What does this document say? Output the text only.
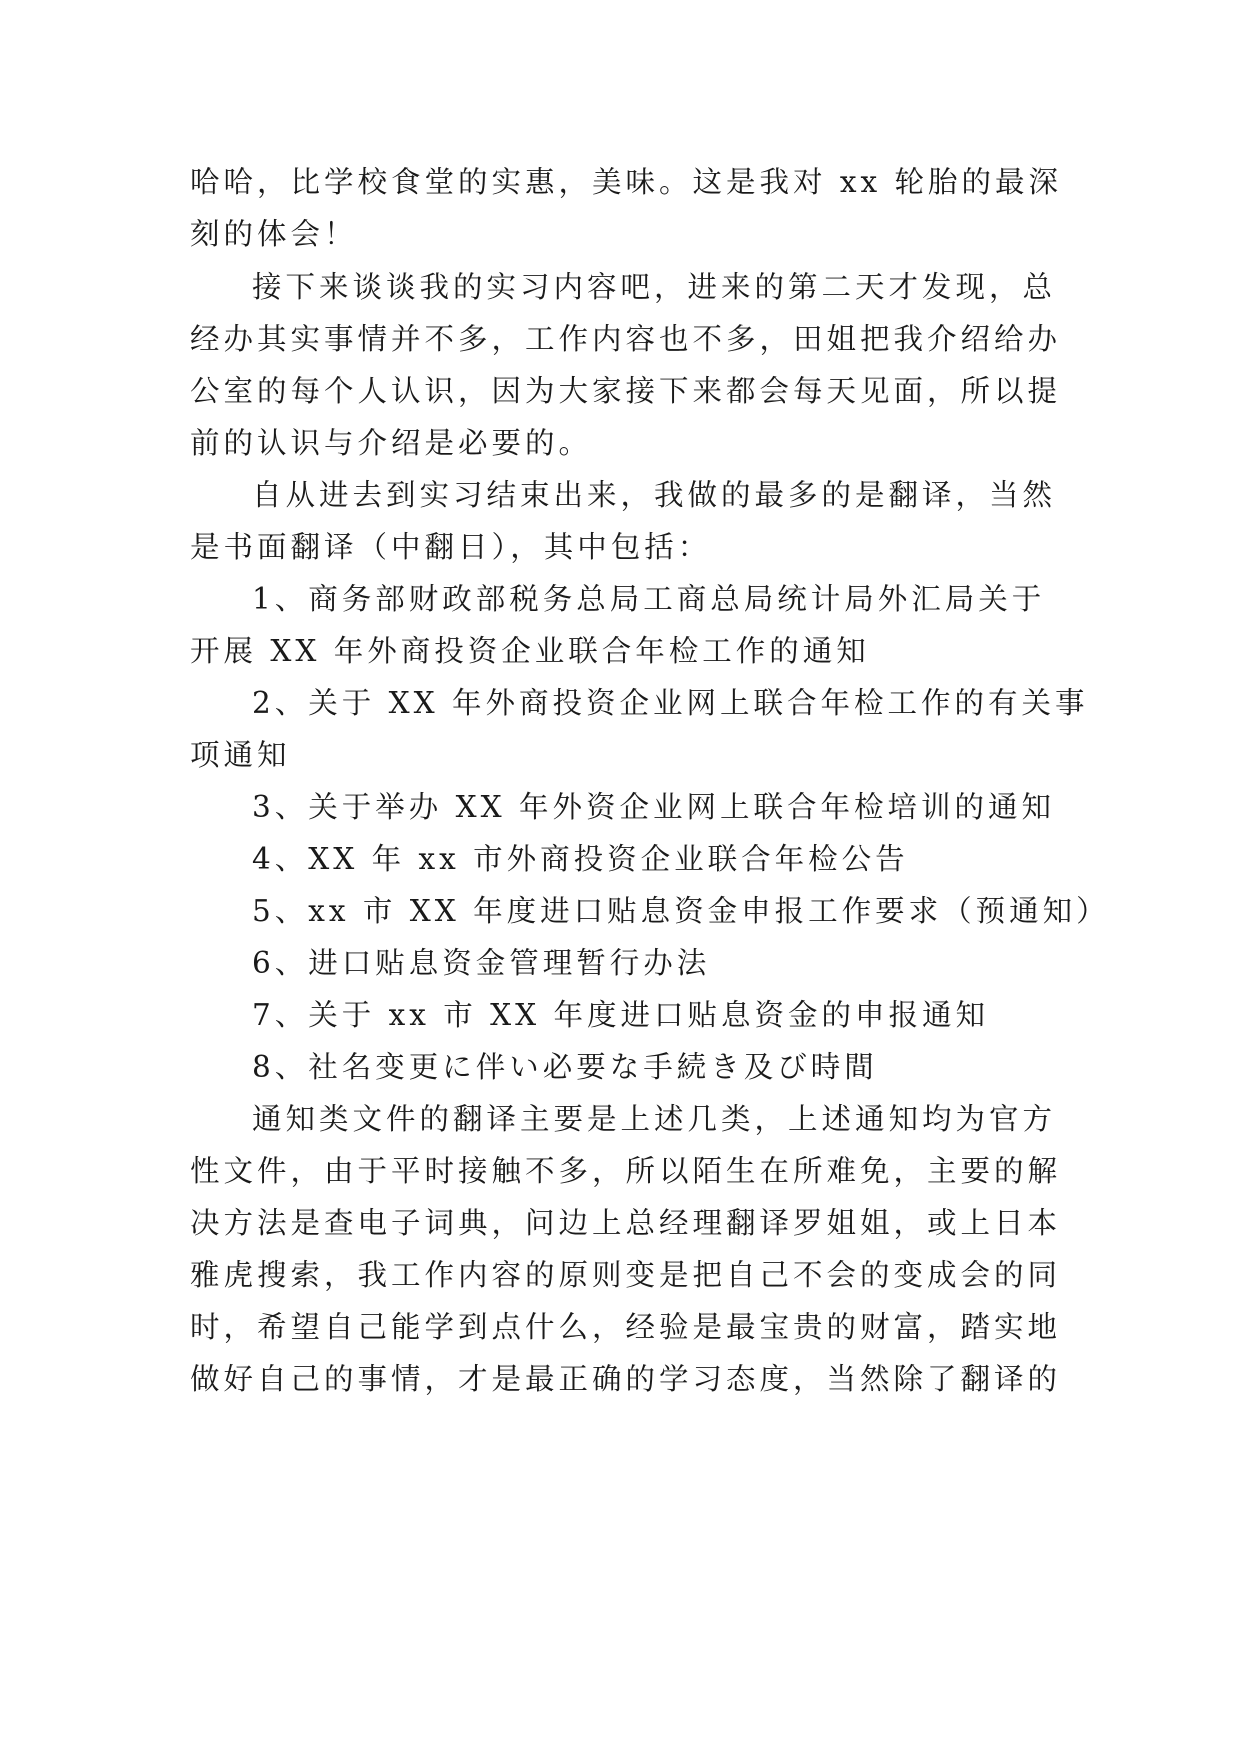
哈哈，比学校食堂的实惠，美味。这是我对 xx 轮胎的最深
刻的体会！
接下来谈谈我的实习内容吧，进来的第二天才发现，总
经办其实事情并不多，工作内容也不多，田姐把我介绍给办
公室的每个人认识，因为大家接下来都会每天见面，所以提
前的认识与介绍是必要的。
自从进去到实习结束出来，我做的最多的是翻译，当然
是书面翻译（中翻日），其中包括：
1、商务部财政部税务总局工商总局统计局外汇局关于
开展 XX 年外商投资企业联合年检工作的通知
2、关于 XX 年外商投资企业网上联合年检工作的有关事
项通知
3、关于举办 XX 年外资企业网上联合年检培训的通知
4、XX 年 xx 市外商投资企业联合年检公告
5、xx 市 XX 年度进口贴息资金申报工作要求（预通知）
6、进口贴息资金管理暂行办法
7、关于 xx 市 XX 年度进口贴息资金的申报通知
8、社名变更に伴い必要な手続き及び時間
通知类文件的翻译主要是上述几类，上述通知均为官方
性文件，由于平时接触不多，所以陌生在所难免，主要的解
决方法是查电子词典，问边上总经理翻译罗姐姐，或上日本
雅虎搜索，我工作内容的原则变是把自己不会的变成会的同
时，希望自己能学到点什么，经验是最宝贵的财富，踏实地
做好自己的事情，才是最正确的学习态度，当然除了翻译的
